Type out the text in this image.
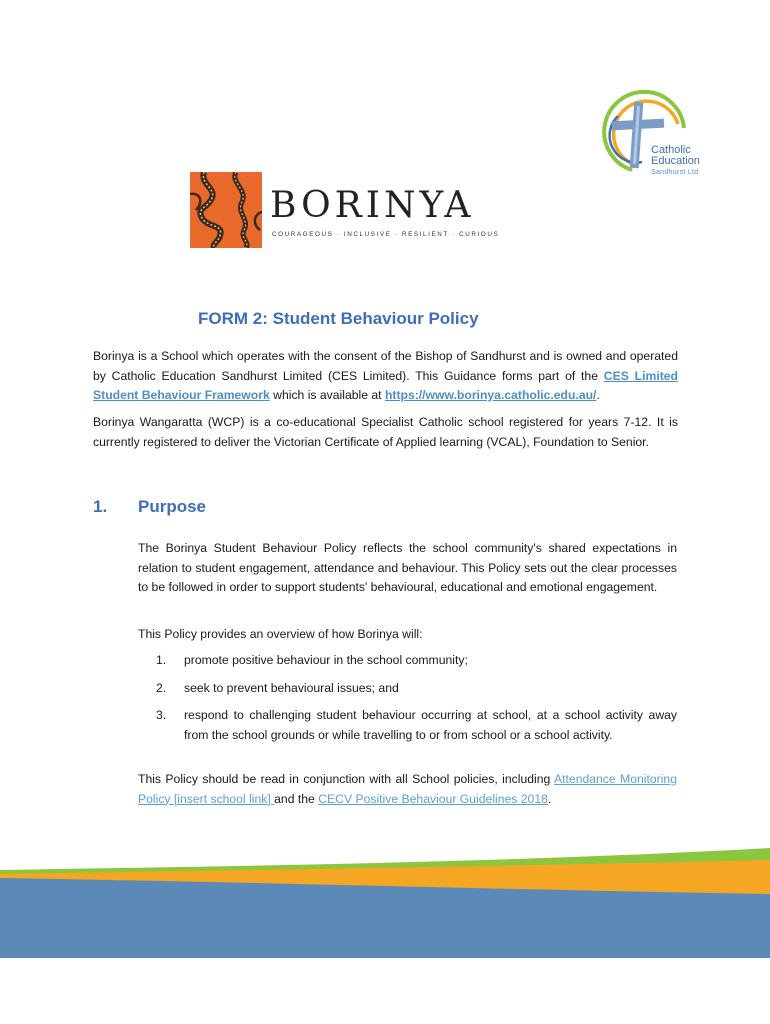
Catholic
Education
Sandhurst Ltd
BORINYA
COURAGEOUS · INCLUSIVE · RESILIENT · CURIOUS
FORM 2: Student Behaviour Policy
Borinya is a School which operates with the consent of the Bishop of Sandhurst and is owned and operated by Catholic Education Sandhurst Limited (CES Limited). This Guidance forms part of the CES Limited Student Behaviour Framework which is available at https://www.borinya.catholic.edu.au/.
Borinya Wangaratta (WCP) is a co-educational Specialist Catholic school registered for years 7-12. It is currently registered to deliver the Victorian Certificate of Applied learning (VCAL), Foundation to Senior.
1. Purpose
The Borinya Student Behaviour Policy reflects the school community's shared expectations in relation to student engagement, attendance and behaviour. This Policy sets out the clear processes to be followed in order to support students' behavioural, educational and emotional engagement.
This Policy provides an overview of how Borinya will:
1. promote positive behaviour in the school community;
2. seek to prevent behavioural issues; and
3. respond to challenging student behaviour occurring at school, at a school activity away from the school grounds or while travelling to or from school or a school activity.
This Policy should be read in conjunction with all School policies, including Attendance Monitoring Policy [insert school link] and the CECV Positive Behaviour Guidelines 2018.
